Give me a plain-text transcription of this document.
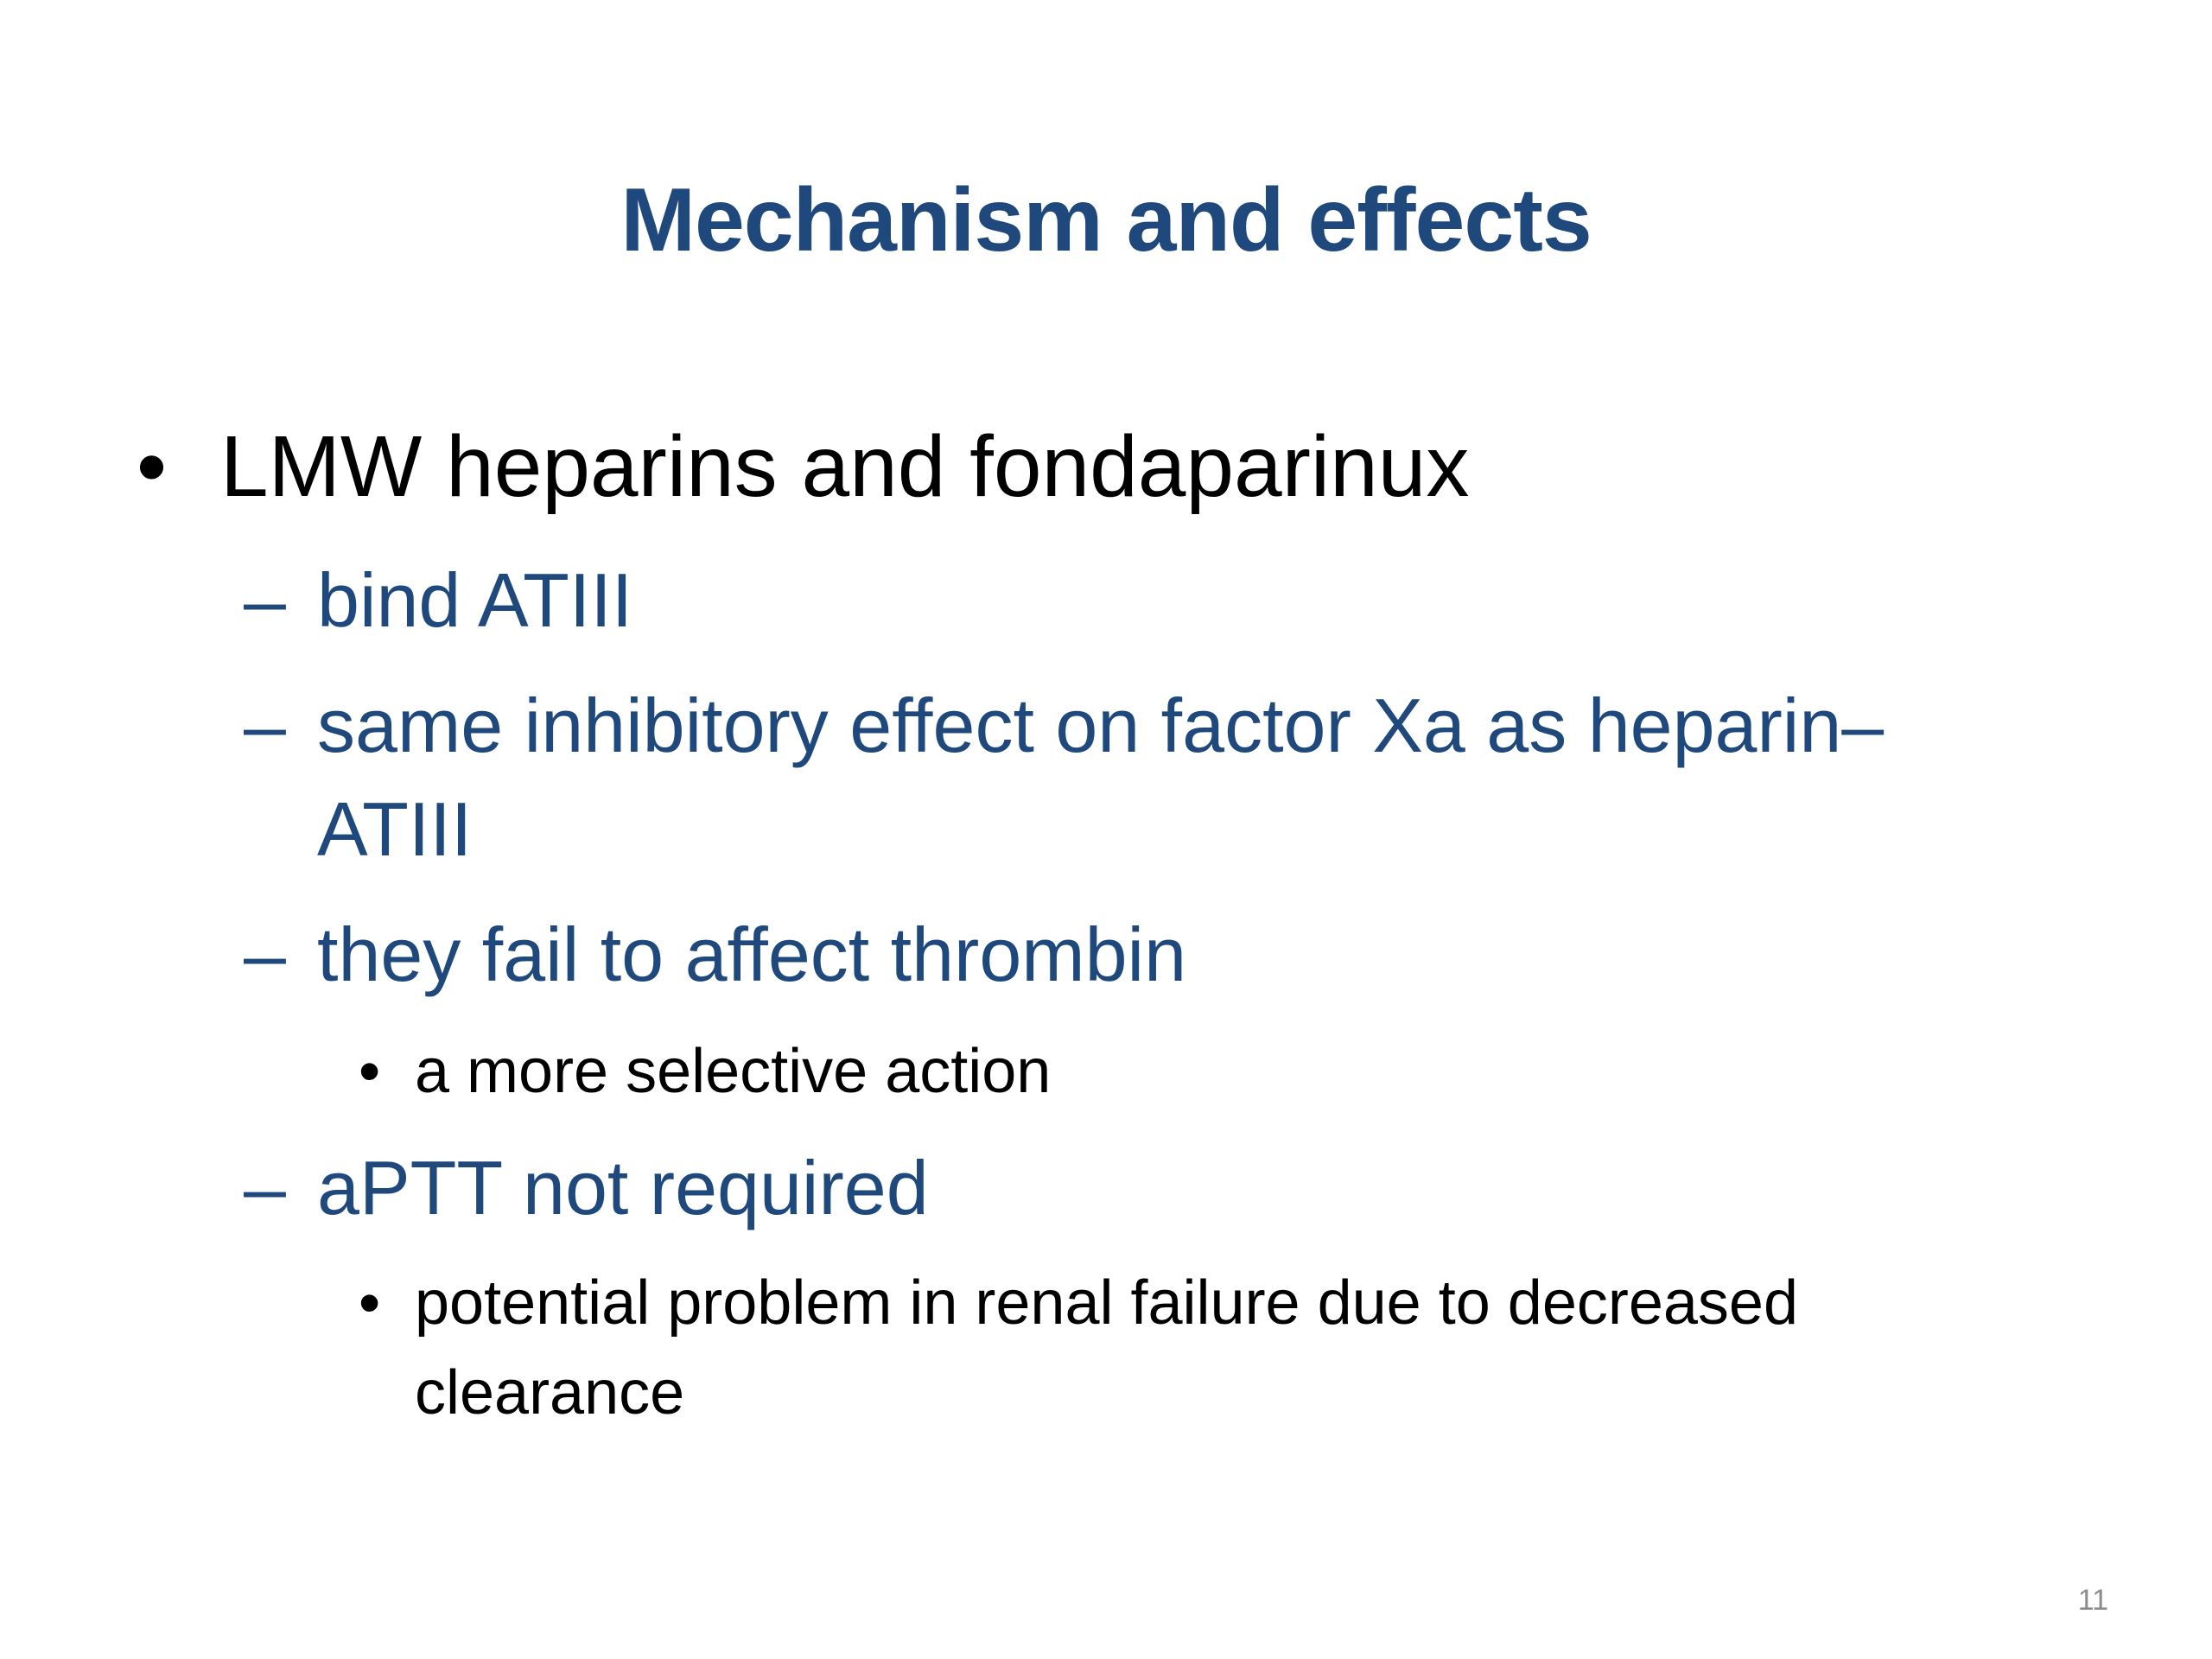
Mechanism and effects
• LMW heparins and fondaparinux
– bind ATIII
– same inhibitory effect on factor Xa as heparin–
ATIII
– they fail to affect thrombin
• a more selective action
– aPTT not required
• potential problem in renal failure due to decreased
clearance
11
